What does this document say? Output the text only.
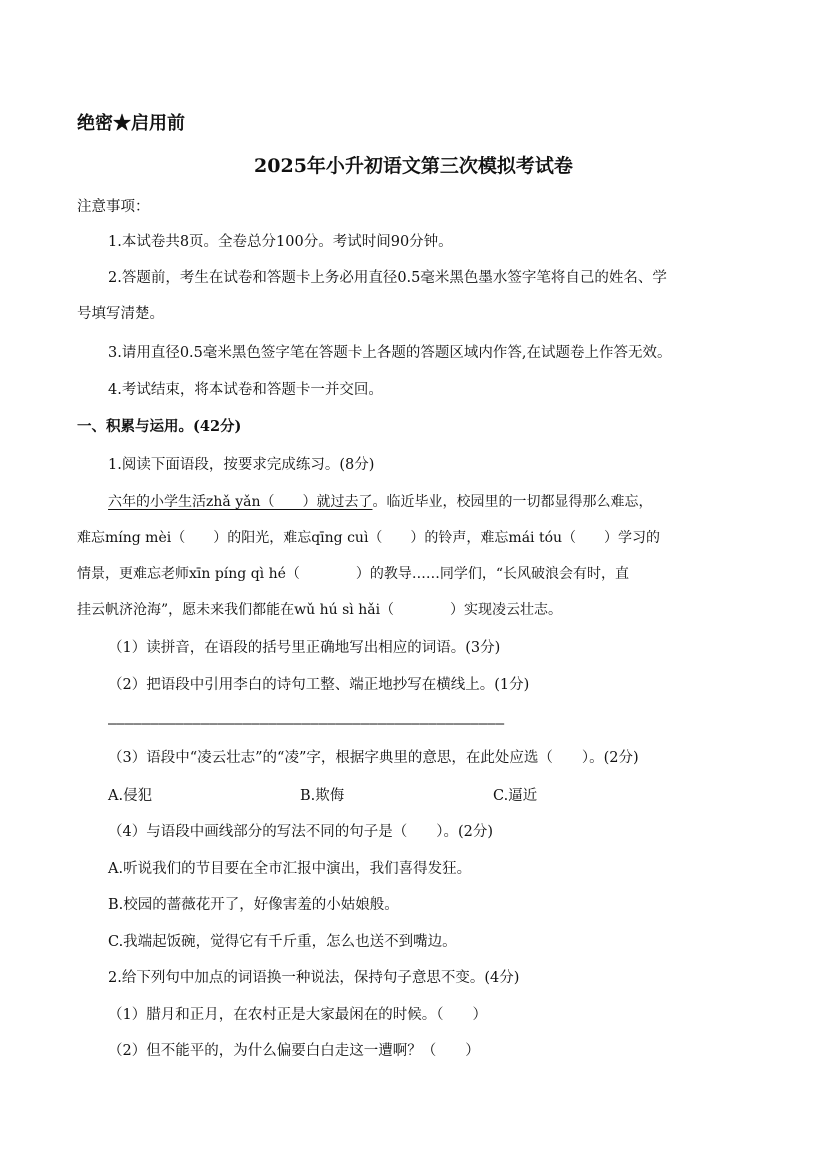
绝密★启用前
2025年小升初语文第三次模拟考试卷
注意事项：
1.本试卷共8页。全卷总分100分。考试时间90分钟。
2.答题前，考生在试卷和答题卡上务必用直径0.5毫米黑色墨水签字笔将自己的姓名、学
号填写清楚。
3.请用直径0.5毫米黑色签字笔在答题卡上各题的答题区域内作答,在试题卷上作答无效。
4.考试结束，将本试卷和答题卡一并交回。
一、积累与运用。(42分)
1.阅读下面语段，按要求完成练习。(8分)
六年的小学生活zhǎ yǎn（　　）就过去了。临近毕业，校园里的一切都显得那么难忘，
难忘míng mèi（　　）的阳光，难忘qīng cuì（　　）的铃声，难忘mái tóu（　　）学习的
情景，更难忘老师xīn píng qì hé（　　　　）的教导……同学们，“长风破浪会有时，直
挂云帆济沧海”，愿未来我们都能在wǔ hú sì hǎi（　　　　）实现凌云壮志。
（1）读拼音，在语段的括号里正确地写出相应的词语。(3分)
（2）把语段中引用李白的诗句工整、端正地抄写在横线上。(1分)
———————————————————————————————————————————————
（3）语段中“凌云壮志”的“凌”字，根据字典里的意思，在此处应选（　　）。(2分)
A.侵犯	B.欺侮	C.逼近
（4）与语段中画线部分的写法不同的句子是（　　）。(2分)
A.听说我们的节目要在全市汇报中演出，我们喜得发狂。
B.校园的蔷薇花开了，好像害羞的小姑娘般。
C.我端起饭碗，觉得它有千斤重，怎么也送不到嘴边。
2.给下列句中加点的词语换一种说法，保持句子意思不变。(4分)
（1）腊月和正月，在农村正是大家最闲在的时候。（　　）
（2）但不能平的，为什么偏要白白走这一遭啊？（　　）
